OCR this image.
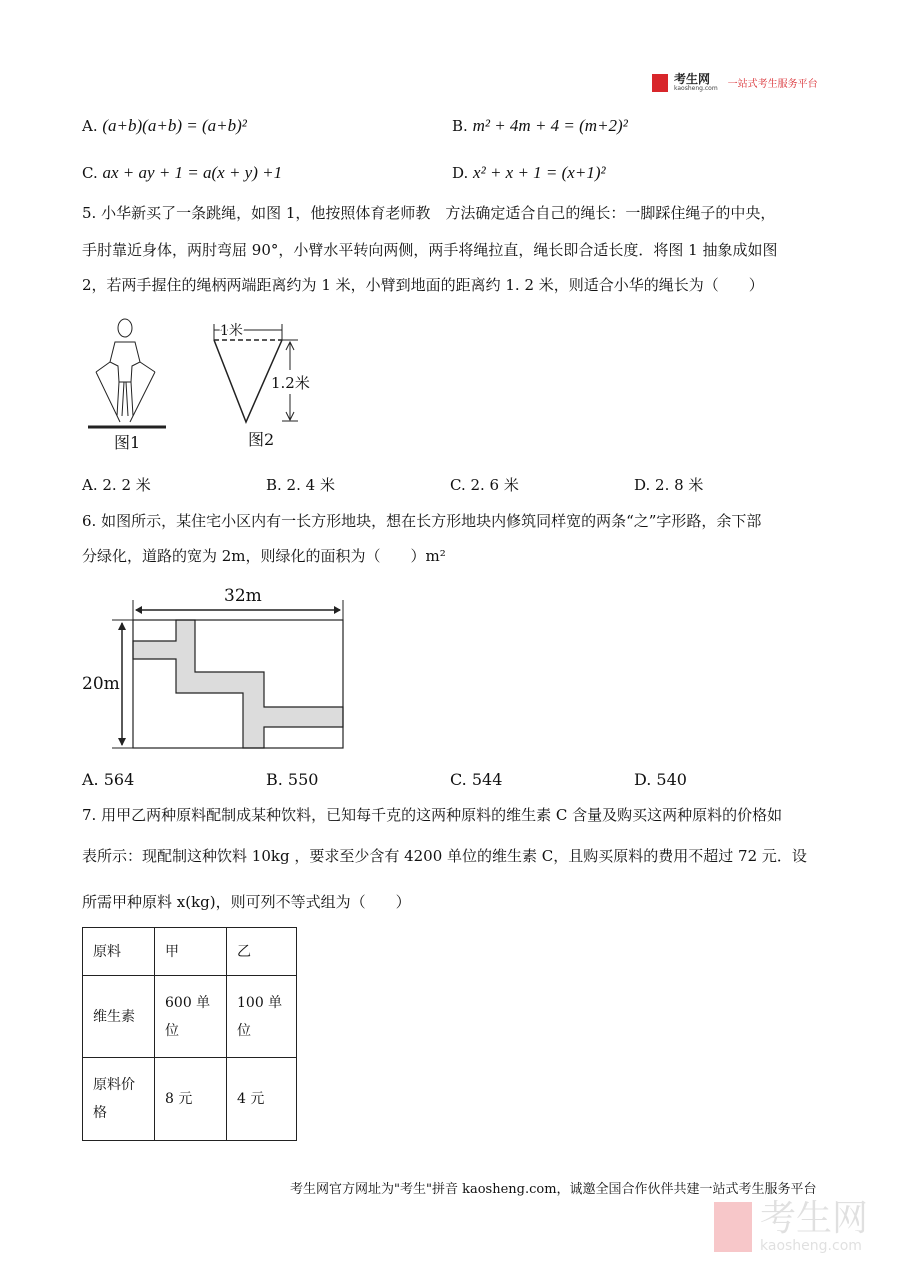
考生网
kaosheng.com 一站式考生服务平台
A. (a+b)(a+b) = (a+b)²	B. m² + 4m + 4 = (m+2)²
C. ax + ay + 1 = a(x + y) +1	D. x² + x + 1 = (x+1)²
5. 小华新买了一条跳绳，如图 1，他按照体育老师教　方法确定适合自己的绳长：一脚踩住绳子的中央，
手肘靠近身体，两肘弯屈 90°，小臂水平转向两侧，两手将绳拉直，绳长即合适长度．将图 1 抽象成如图
2，若两手握住的绳柄两端距离约为 1 米，小臂到地面的距离约 1. 2 米，则适合小华的绳长为（　　）
1米
1.2米
图1	图2
A. 2. 2 米	B. 2. 4 米	C. 2. 6 米	D. 2. 8 米
6. 如图所示，某住宅小区内有一长方形地块，想在长方形地块内修筑同样宽的两条“之”字形路，余下部
分绿化，道路的宽为 2m，则绿化的面积为（　　）m²
32m
20m
A. 564	B. 550	C. 544	D. 540
7. 用甲乙两种原料配制成某种饮料，已知每千克的这两种原料的维生素 C 含量及购买这两种原料的价格如
表所示：现配制这种饮料 10kg ，要求至少含有 4200 单位的维生素 C，且购买原料的费用不超过 72 元．设
所需甲种原料 x(kg)，则可列不等式组为（　　）
原料	甲	乙
维生素	600 单位	100 单位
原料价格	8 元	4 元
考生网官方网址为"考生"拼音 kaosheng.com，诚邀全国合作伙伴共建一站式考生服务平台
考生网
kaosheng.com
